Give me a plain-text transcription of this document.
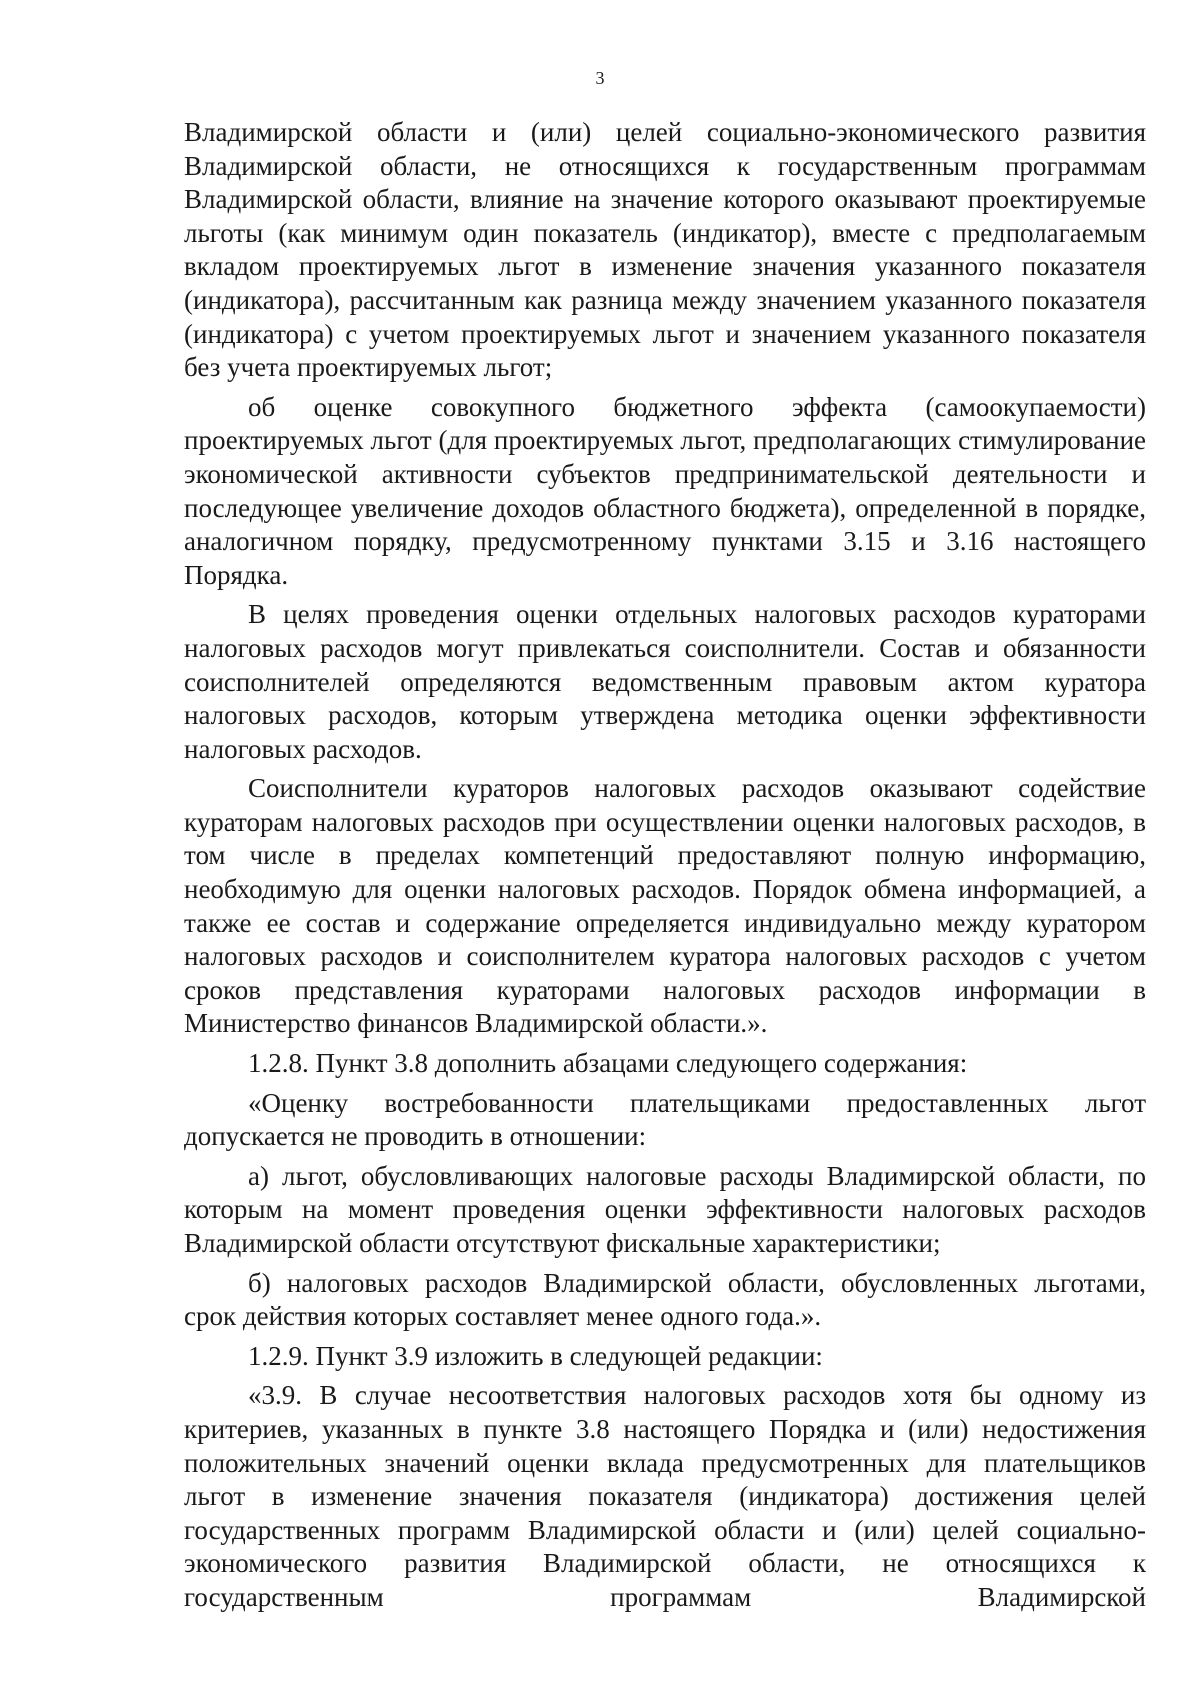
3

Владимирской области и (или) целей социально-экономического развития Владимирской области, не относящихся к государственным программам Владимирской области, влияние на значение которого оказывают проектируемые льготы (как минимум один показатель (индикатор), вместе с предполагаемым вкладом проектируемых льгот в изменение значения указанного показателя (индикатора), рассчитанным как разница между значением указанного показателя (индикатора) с учетом проектируемых льгот и значением указанного показателя без учета проектируемых льгот;

об оценке совокупного бюджетного эффекта (самоокупаемости) проектируемых льгот (для проектируемых льгот, предполагающих стимулирование экономической активности субъектов предпринимательской деятельности и последующее увеличение доходов областного бюджета), определенной в порядке, аналогичном порядку, предусмотренному пунктами 3.15 и 3.16 настоящего Порядка.

В целях проведения оценки отдельных налоговых расходов кураторами налоговых расходов могут привлекаться соисполнители. Состав и обязанности соисполнителей определяются ведомственным правовым актом куратора налоговых расходов, которым утверждена методика оценки эффективности налоговых расходов.

Соисполнители кураторов налоговых расходов оказывают содействие кураторам налоговых расходов при осуществлении оценки налоговых расходов, в том числе в пределах компетенций предоставляют полную информацию, необходимую для оценки налоговых расходов. Порядок обмена информацией, а также ее состав и содержание определяется индивидуально между куратором налоговых расходов и соисполнителем куратора налоговых расходов с учетом сроков представления кураторами налоговых расходов информации в Министерство финансов Владимирской области.».

1.2.8. Пункт 3.8 дополнить абзацами следующего содержания:

«Оценку востребованности плательщиками предоставленных льгот допускается не проводить в отношении:

а) льгот, обусловливающих налоговые расходы Владимирской области, по которым на момент проведения оценки эффективности налоговых расходов Владимирской области отсутствуют фискальные характеристики;

б) налоговых расходов Владимирской области, обусловленных льготами, срок действия которых составляет менее одного года.».

1.2.9. Пункт 3.9 изложить в следующей редакции:

«3.9. В случае несоответствия налоговых расходов хотя бы одному из критериев, указанных в пункте 3.8 настоящего Порядка и (или) недостижения положительных значений оценки вклада предусмотренных для плательщиков льгот в изменение значения показателя (индикатора) достижения целей государственных программ Владимирской области и (или) целей социально-экономического развития Владимирской области, не относящихся к государственным программам Владимирской
